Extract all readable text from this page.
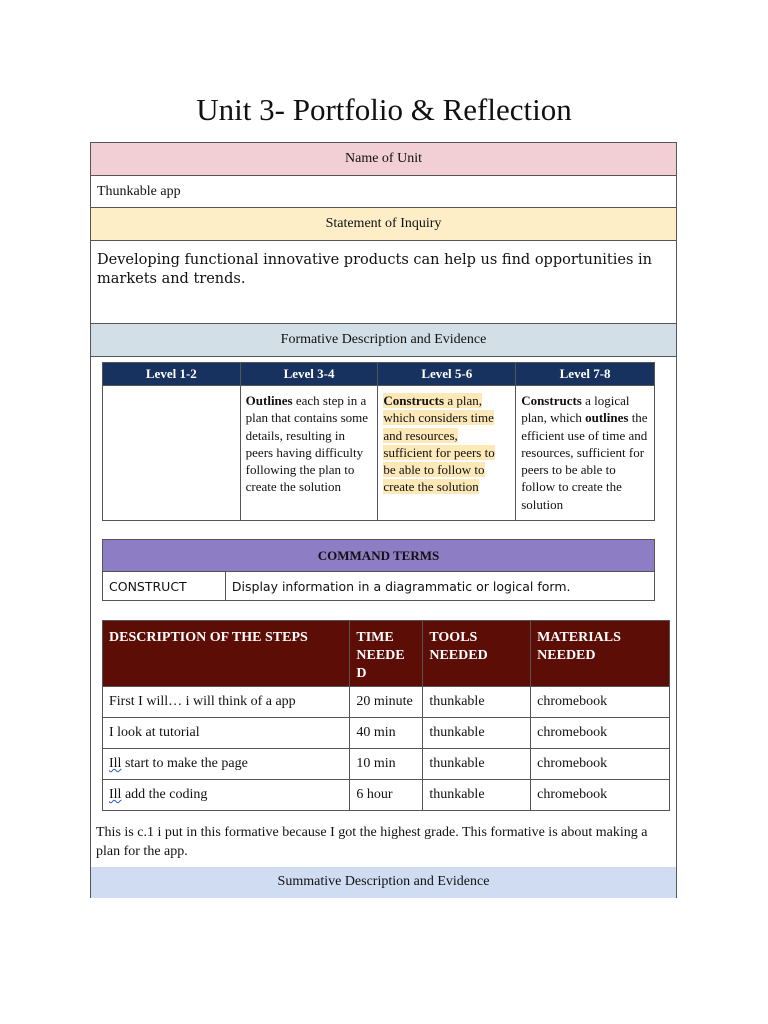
Unit 3- Portfolio & Reflection
Name of Unit
Thunkable app
Statement of Inquiry
Developing functional innovative products can help us find opportunities in markets and trends.
Formative Description and Evidence
Summative Description and Evidence
Level 1-2	Level 3-4	Level 5-6	Level 7-8
	Outlines each step in a plan that contains some details, resulting in peers having difficulty following the plan to create the solution	Constructs a plan, which considers time and resources, sufficient for peers to be able to follow to create the solution	Constructs a logical plan, which outlines the efficient use of time and resources, sufficient for peers to be able to follow to create the solution
COMMAND TERMS
CONSTRUCT	Display information in a diagrammatic or logical form.
DESCRIPTION OF THE STEPS	TIME NEEDE D	TOOLS NEEDED	MATERIALS NEEDED
First I will… i will think of a app	20 minute	thunkable	chromebook
I look at tutorial	40 min	thunkable	chromebook
Ill start to make the page	10 min	thunkable	chromebook
Ill add the coding	6 hour	thunkable	chromebook
This is c.1 i put in this formative because I got the highest grade. This formative is about making a plan for the app.
